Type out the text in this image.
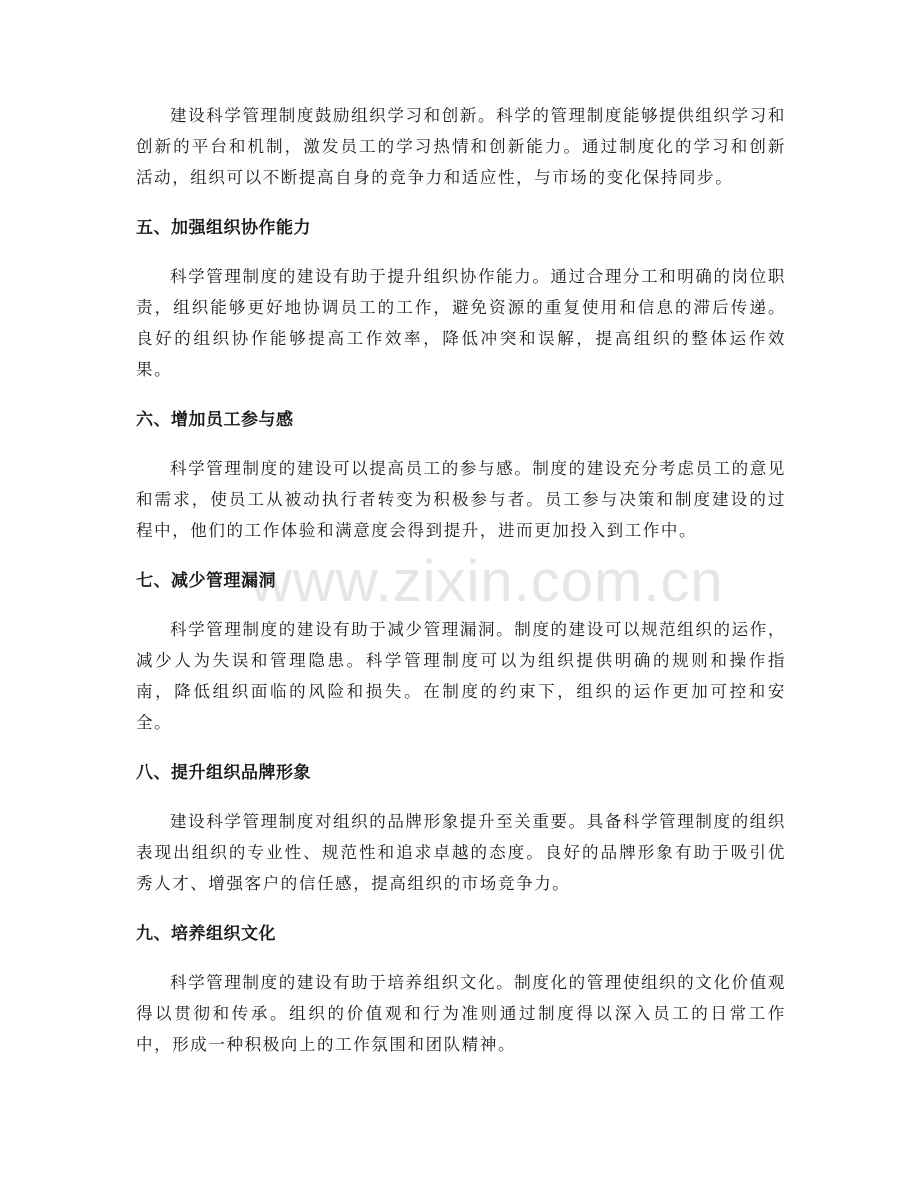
www.zixin.com.cn

建设科学管理制度鼓励组织学习和创新。科学的管理制度能够提供组织学习和创新的平台和机制，激发员工的学习热情和创新能力。通过制度化的学习和创新活动，组织可以不断提高自身的竞争力和适应性，与市场的变化保持同步。

五、加强组织协作能力

科学管理制度的建设有助于提升组织协作能力。通过合理分工和明确的岗位职责，组织能够更好地协调员工的工作，避免资源的重复使用和信息的滞后传递。良好的组织协作能够提高工作效率，降低冲突和误解，提高组织的整体运作效果。

六、增加员工参与感

科学管理制度的建设可以提高员工的参与感。制度的建设充分考虑员工的意见和需求，使员工从被动执行者转变为积极参与者。员工参与决策和制度建设的过程中，他们的工作体验和满意度会得到提升，进而更加投入到工作中。

七、减少管理漏洞

科学管理制度的建设有助于减少管理漏洞。制度的建设可以规范组织的运作，减少人为失误和管理隐患。科学管理制度可以为组织提供明确的规则和操作指南，降低组织面临的风险和损失。在制度的约束下，组织的运作更加可控和安全。

八、提升组织品牌形象

建设科学管理制度对组织的品牌形象提升至关重要。具备科学管理制度的组织表现出组织的专业性、规范性和追求卓越的态度。良好的品牌形象有助于吸引优秀人才、增强客户的信任感，提高组织的市场竞争力。

九、培养组织文化

科学管理制度的建设有助于培养组织文化。制度化的管理使组织的文化价值观得以贯彻和传承。组织的价值观和行为准则通过制度得以深入员工的日常工作中，形成一种积极向上的工作氛围和团队精神。
